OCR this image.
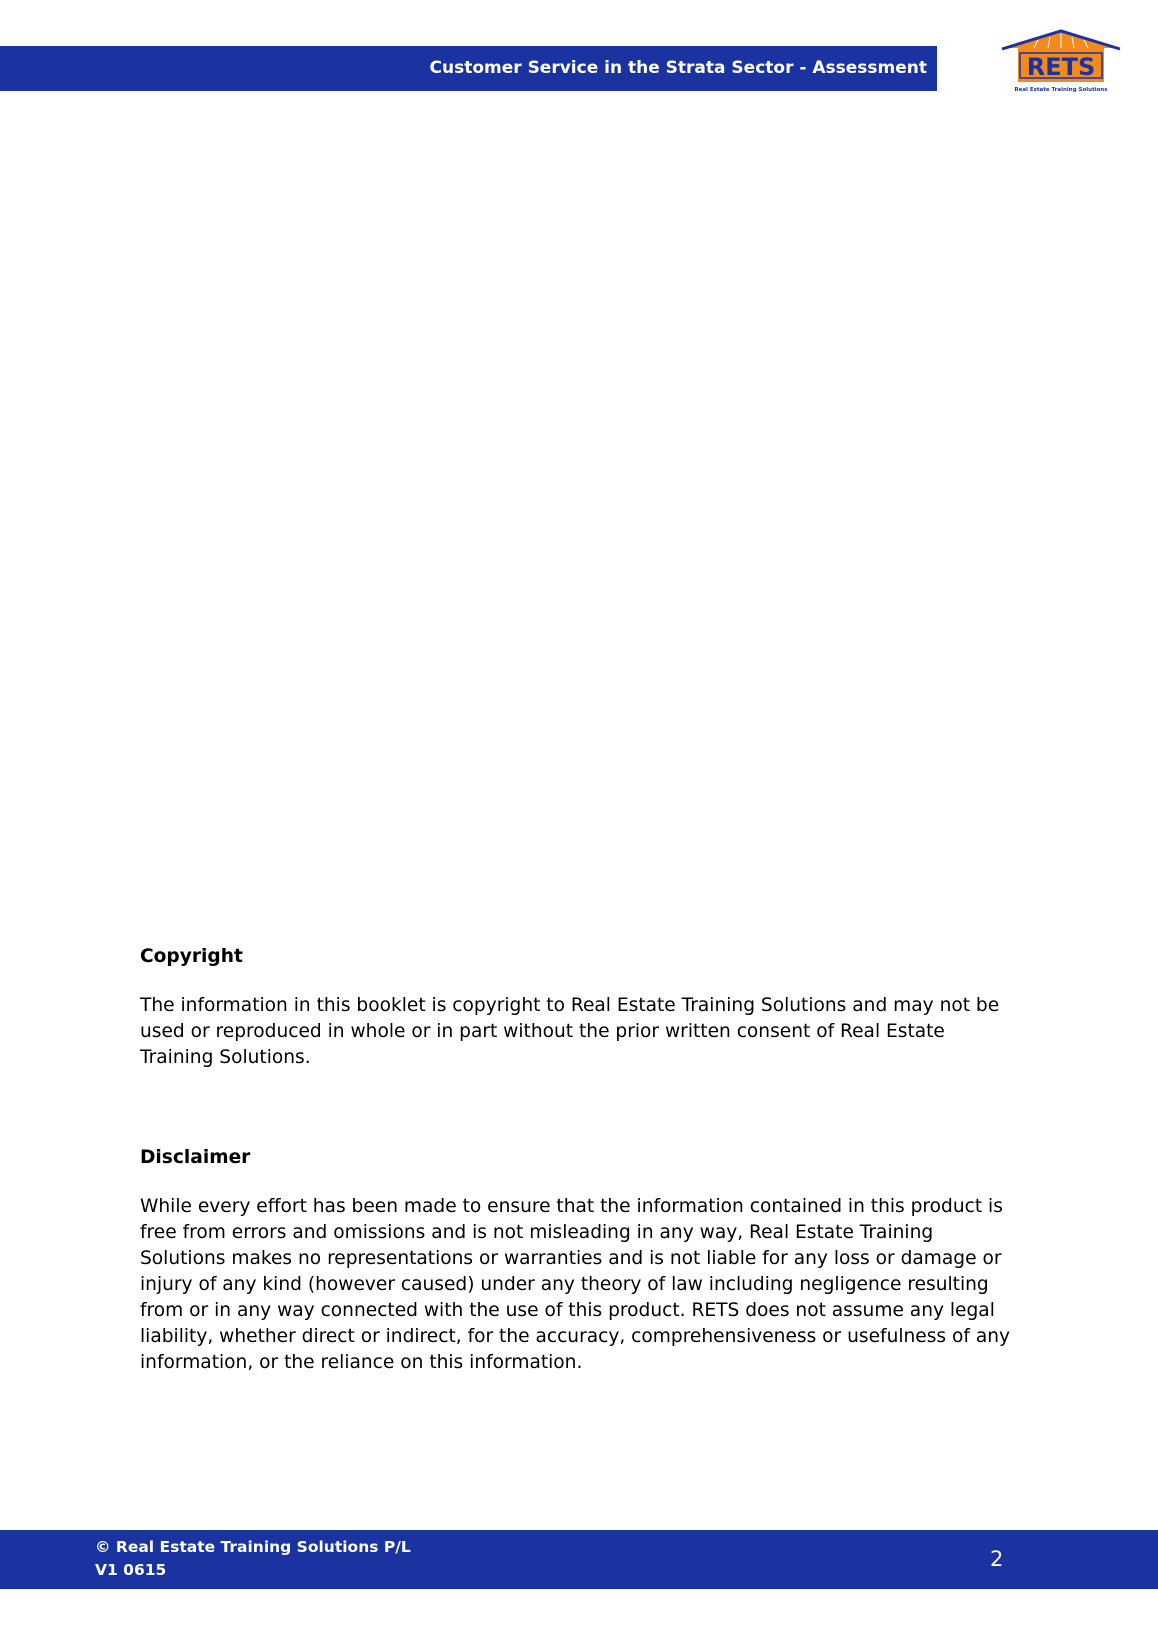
Customer Service in the Strata Sector - Assessment	RETS
Real Estate Training Solutions
Copyright

The information in this booklet is copyright to Real Estate Training Solutions and may not be used or reproduced in whole or in part without the prior written consent of Real Estate Training Solutions.

Disclaimer

While every effort has been made to ensure that the information contained in this product is free from errors and omissions and is not misleading in any way, Real Estate Training Solutions makes no representations or warranties and is not liable for any loss or damage or injury of any kind (however caused) under any theory of law including negligence resulting from or in any way connected with the use of this product. RETS does not assume any legal liability, whether direct or indirect, for the accuracy, comprehensiveness or usefulness of any information, or the reliance on this information.

© Real Estate Training Solutions P/L
V1 0615	2
